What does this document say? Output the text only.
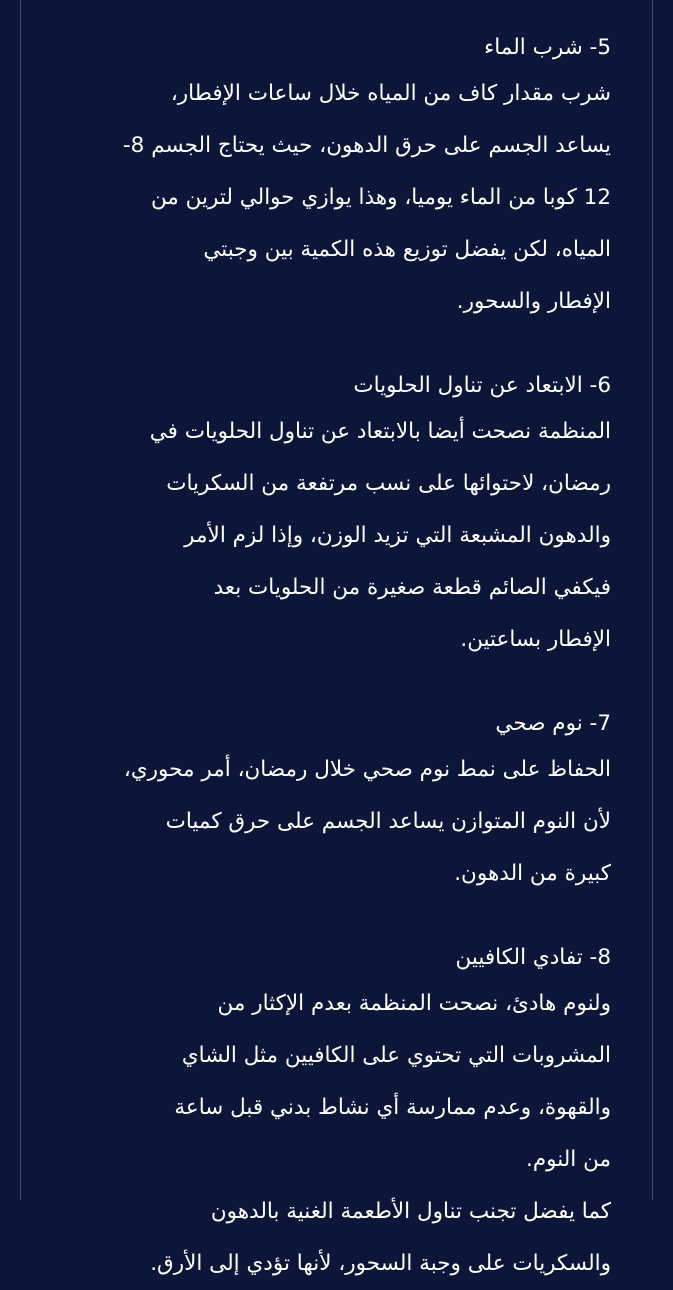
5- شرب الماء
شرب مقدار كاف من المياه خلال ساعات الإفطار،
يساعد الجسم على حرق الدهون، حيث يحتاج الجسم 8-
12 كوبا من الماء يوميا، وهذا يوازي حوالي لترين من
المياه، لكن يفضل توزيع هذه الكمية بين وجبتي
الإفطار والسحور.
6- الابتعاد عن تناول الحلويات
المنظمة نصحت أيضا بالابتعاد عن تناول الحلويات في
رمضان، لاحتوائها على نسب مرتفعة من السكريات
والدهون المشبعة التي تزيد الوزن، وإذا لزم الأمر
فيكفي الصائم قطعة صغيرة من الحلويات بعد
الإفطار بساعتين.
7- نوم صحي
الحفاظ على نمط نوم صحي خلال رمضان، أمر محوري،
لأن النوم المتوازن يساعد الجسم على حرق كميات
كبيرة من الدهون.
8- تفادي الكافيين
ولنوم هادئ، نصحت المنظمة بعدم الإكثار من
المشروبات التي تحتوي على الكافيين مثل الشاي
والقهوة، وعدم ممارسة أي نشاط بدني قبل ساعة
من النوم.
كما يفضل تجنب تناول الأطعمة الغنية بالدهون
والسكريات على وجبة السحور، لأنها تؤدي إلى الأرق.
